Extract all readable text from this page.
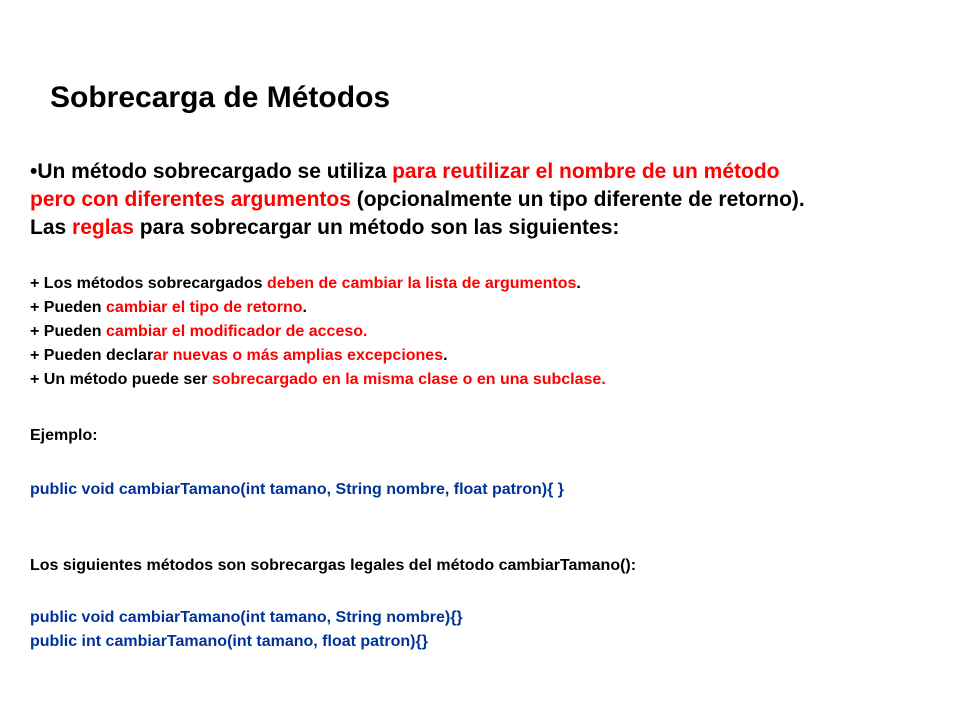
Sobrecarga de Métodos
•Un método sobrecargado se utiliza para reutilizar el nombre de un método
pero con diferentes argumentos (opcionalmente un tipo diferente de retorno).
Las reglas para sobrecargar un método son las siguientes:
+ Los métodos sobrecargados deben de cambiar la lista de argumentos.
+ Pueden cambiar el tipo de retorno.
+ Pueden cambiar el modificador de acceso.
+ Pueden declarar nuevas o más amplias excepciones.
+ Un método puede ser sobrecargado en la misma clase o en una subclase.
Ejemplo:
public void cambiarTamano(int tamano, String nombre, float patron){ }
Los siguientes métodos son sobrecargas legales del método cambiarTamano():
public void cambiarTamano(int tamano, String nombre){}
public int cambiarTamano(int tamano, float patron){}
